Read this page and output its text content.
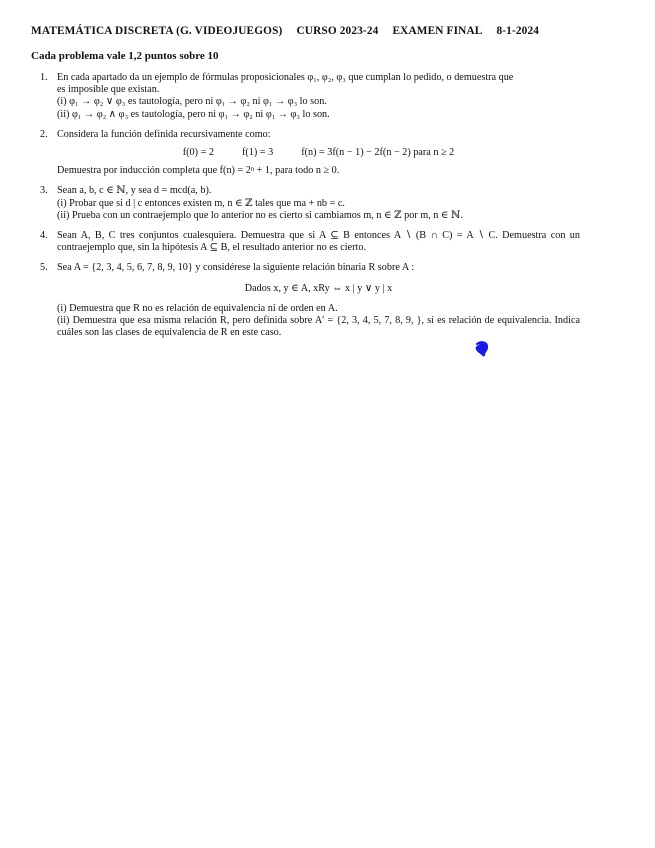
MATEMÁTICA DISCRETA (G. VIDEOJUEGOS) CURSO 2023-24 EXAMEN FINAL 8-1-2024
Cada problema vale 1,2 puntos sobre 10
1. En cada apartado da un ejemplo de fórmulas proposicionales φ₁, φ₂, φ₃ que cumplan lo pedido, o demuestra que
es imposible que existan.
(i) φ₁ → φ₂ ∨ φ₃ es tautología, pero ni φ₁ → φ₂ ni φ₁ → φ₃ lo son.
(ii) φ₁ → φ₂ ∧ φ₃ es tautología, pero ni φ₁ → φ₂ ni φ₁ → φ₃ lo son.
2. Considera la función definida recursivamente como:
f(0) = 2	f(1) = 3	f(n) = 3f(n − 1) − 2f(n − 2) para n ≥ 2
Demuestra por inducción completa que f(n) = 2ⁿ + 1, para todo n ≥ 0.
3. Sean a, b, c ∈ ℕ, y sea d = mcd(a, b).
(i) Probar que si d | c entonces existen m, n ∈ ℤ tales que ma + nb = c.
(ii) Prueba con un contraejemplo que lo anterior no es cierto si cambiamos m, n ∈ ℤ por m, n ∈ ℕ.
4. Sean A, B, C tres conjuntos cualesquiera. Demuestra que si A ⊆ B entonces A ∖ (B ∩ C) = A ∖ C. Demuestra con un contraejemplo que, sin la hipótesis A ⊆ B, el resultado anterior no es cierto.

5. Sea A = {2, 3, 4, 5, 6, 7, 8, 9, 10} y considérese la siguiente relación binaria R sobre A :
Dados x, y ∈ A, xRy ⇔ x | y ∨ y | x
(i) Demuestra que R no es relación de equivalencia ni de orden en A.

(ii) Demuestra que esa misma relación R, pero definida sobre A′ = {2, 3, 4, 5, 7, 8, 9, }, sí es relación de equivalencia. Indica cuáles son las clases de equivalencia de R en este caso.
